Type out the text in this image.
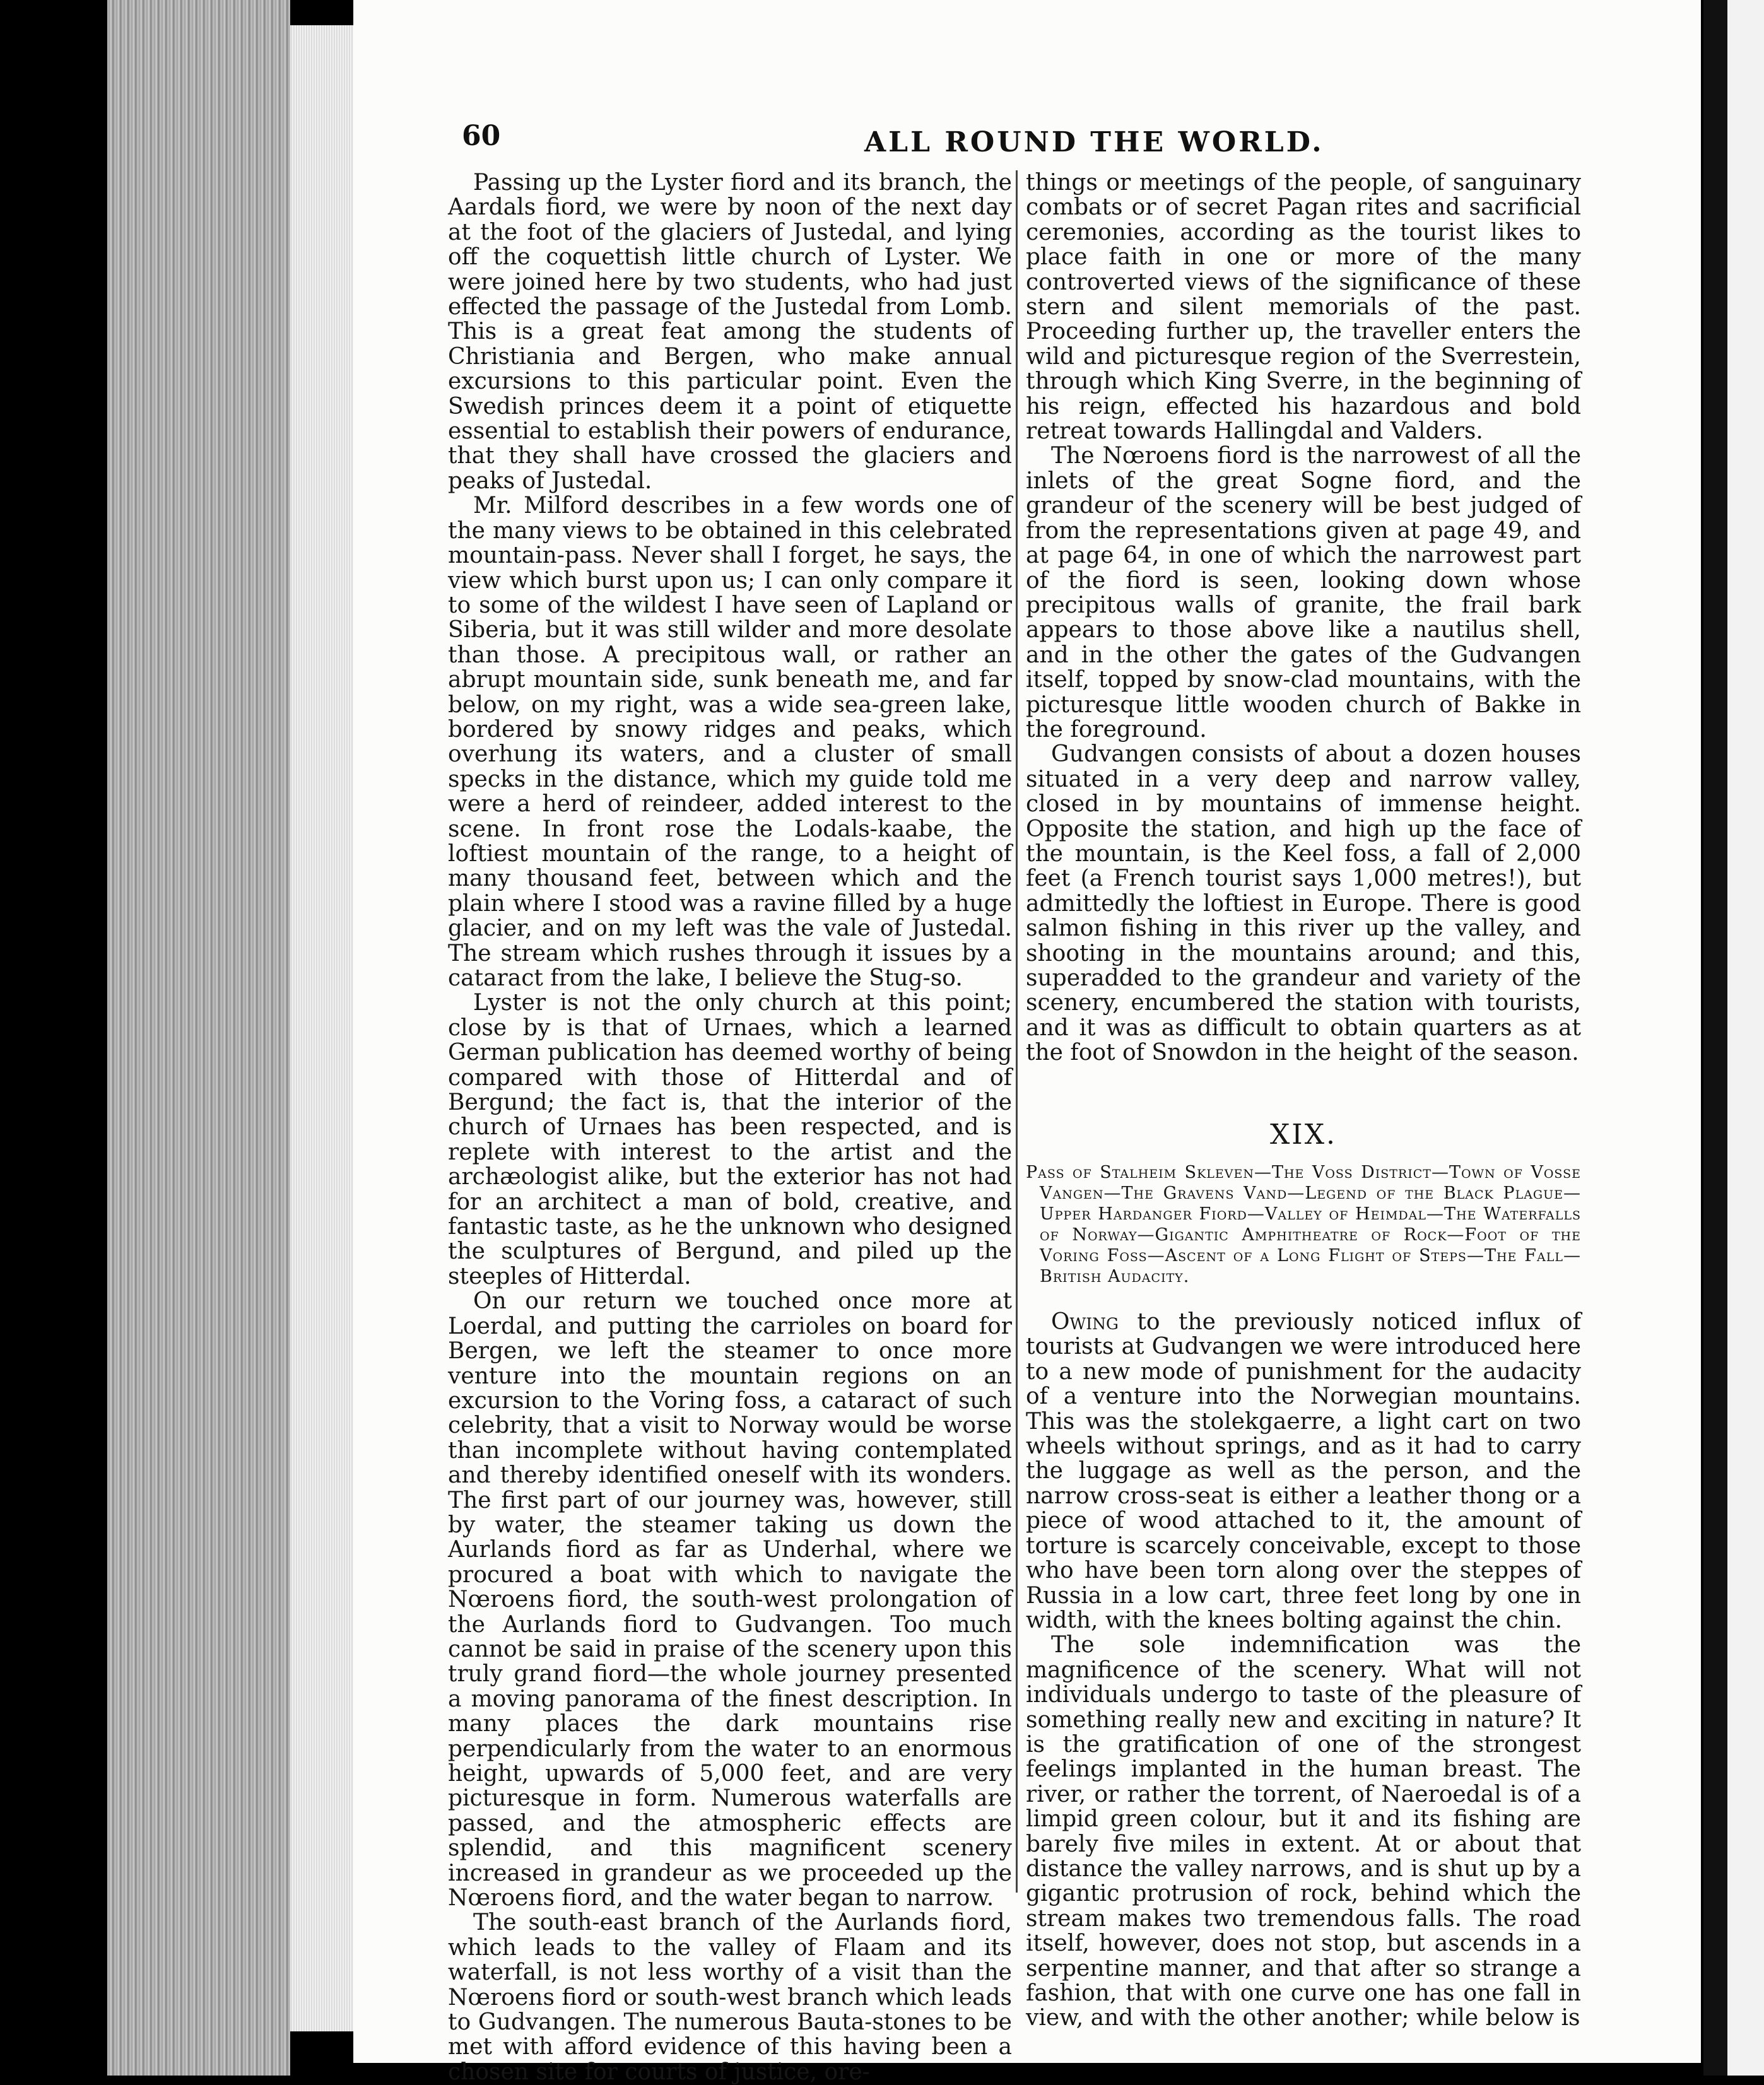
60	ALL ROUND THE WORLD.

Passing up the Lyster fiord and its branch, the Aardals fiord, we were by noon of the next day at the foot of the glaciers of Justedal, and lying off the coquettish little church of Lyster. We were joined here by two students, who had just effected the passage of the Justedal from Lomb. This is a great feat among the students of Christiania and Bergen, who make annual excursions to this particular point. Even the Swedish princes deem it a point of etiquette essential to establish their powers of endurance, that they shall have crossed the glaciers and peaks of Justedal.

Mr. Milford describes in a few words one of the many views to be obtained in this celebrated mountain-pass. Never shall I forget, he says, the view which burst upon us; I can only compare it to some of the wildest I have seen of Lapland or Siberia, but it was still wilder and more desolate than those. A precipitous wall, or rather an abrupt mountain side, sunk beneath me, and far below, on my right, was a wide sea-green lake, bordered by snowy ridges and peaks, which overhung its waters, and a cluster of small specks in the distance, which my guide told me were a herd of reindeer, added interest to the scene. In front rose the Lodals-kaabe, the loftiest mountain of the range, to a height of many thousand feet, between which and the plain where I stood was a ravine filled by a huge glacier, and on my left was the vale of Justedal. The stream which rushes through it issues by a cataract from the lake, I believe the Stug-so.

Lyster is not the only church at this point; close by is that of Urnaes, which a learned German publication has deemed worthy of being compared with those of Hitterdal and of Bergund; the fact is, that the interior of the church of Urnaes has been respected, and is replete with interest to the artist and the archæologist alike, but the exterior has not had for an architect a man of bold, creative, and fantastic taste, as he the unknown who designed the sculptures of Bergund, and piled up the steeples of Hitterdal.

On our return we touched once more at Loerdal, and putting the carrioles on board for Bergen, we left the steamer to once more venture into the mountain regions on an excursion to the Voring foss, a cataract of such celebrity, that a visit to Norway would be worse than incomplete without having contemplated and thereby identified oneself with its wonders. The first part of our journey was, however, still by water, the steamer taking us down the Aurlands fiord as far as Underhal, where we procured a boat with which to navigate the Nœroens fiord, the south-west prolongation of the Aurlands fiord to Gudvangen. Too much cannot be said in praise of the scenery upon this truly grand fiord—the whole journey presented a moving panorama of the finest description. In many places the dark mountains rise perpendicularly from the water to an enormous height, upwards of 5,000 feet, and are very picturesque in form. Numerous waterfalls are passed, and the atmospheric effects are splendid, and this magnificent scenery increased in grandeur as we proceeded up the Nœroens fiord, and the water began to narrow.

The south-east branch of the Aurlands fiord, which leads to the valley of Flaam and its waterfall, is not less worthy of a visit than the Nœroens fiord or south-west branch which leads to Gudvangen. The numerous Bauta-stones to be met with afford evidence of this having been a chosen site for courts of justice, ore-

things or meetings of the people, of sanguinary combats or of secret Pagan rites and sacrificial ceremonies, according as the tourist likes to place faith in one or more of the many controverted views of the significance of these stern and silent memorials of the past. Proceeding further up, the traveller enters the wild and picturesque region of the Sverrestein, through which King Sverre, in the beginning of his reign, effected his hazardous and bold retreat towards Hallingdal and Valders.

The Nœroens fiord is the narrowest of all the inlets of the great Sogne fiord, and the grandeur of the scenery will be best judged of from the representations given at page 49, and at page 64, in one of which the narrowest part of the fiord is seen, looking down whose precipitous walls of granite, the frail bark appears to those above like a nautilus shell, and in the other the gates of the Gudvangen itself, topped by snow-clad mountains, with the picturesque little wooden church of Bakke in the foreground.

Gudvangen consists of about a dozen houses situated in a very deep and narrow valley, closed in by mountains of immense height. Opposite the station, and high up the face of the mountain, is the Keel foss, a fall of 2,000 feet (a French tourist says 1,000 metres!), but admittedly the loftiest in Europe. There is good salmon fishing in this river up the valley, and shooting in the mountains around; and this, superadded to the grandeur and variety of the scenery, encumbered the station with tourists, and it was as difficult to obtain quarters as at the foot of Snowdon in the height of the season.

XIX.
Pass of Stalheim Skleven—The Voss District—Town of Vosse Vangen—The Gravens Vand—Legend of the Black Plague—Upper Hardanger Fiord—Valley of Heimdal—The Waterfalls of Norway—Gigantic Amphitheatre of Rock—Foot of the Voring Foss—Ascent of a Long Flight of Steps—The Fall—British Audacity.

Owing to the previously noticed influx of tourists at Gudvangen we were introduced here to a new mode of punishment for the audacity of a venture into the Norwegian mountains. This was the stolekgaerre, a light cart on two wheels without springs, and as it had to carry the luggage as well as the person, and the narrow cross-seat is either a leather thong or a piece of wood attached to it, the amount of torture is scarcely conceivable, except to those who have been torn along over the steppes of Russia in a low cart, three feet long by one in width, with the knees bolting against the chin.

The sole indemnification was the magnificence of the scenery. What will not individuals undergo to taste of the pleasure of something really new and exciting in nature? It is the gratification of one of the strongest feelings implanted in the human breast. The river, or rather the torrent, of Naeroedal is of a limpid green colour, but it and its fishing are barely five miles in extent. At or about that distance the valley narrows, and is shut up by a gigantic protrusion of rock, behind which the stream makes two tremendous falls. The road itself, however, does not stop, but ascends in a serpentine manner, and that after so strange a fashion, that with one curve one has one fall in view, and with the other another; while below is
